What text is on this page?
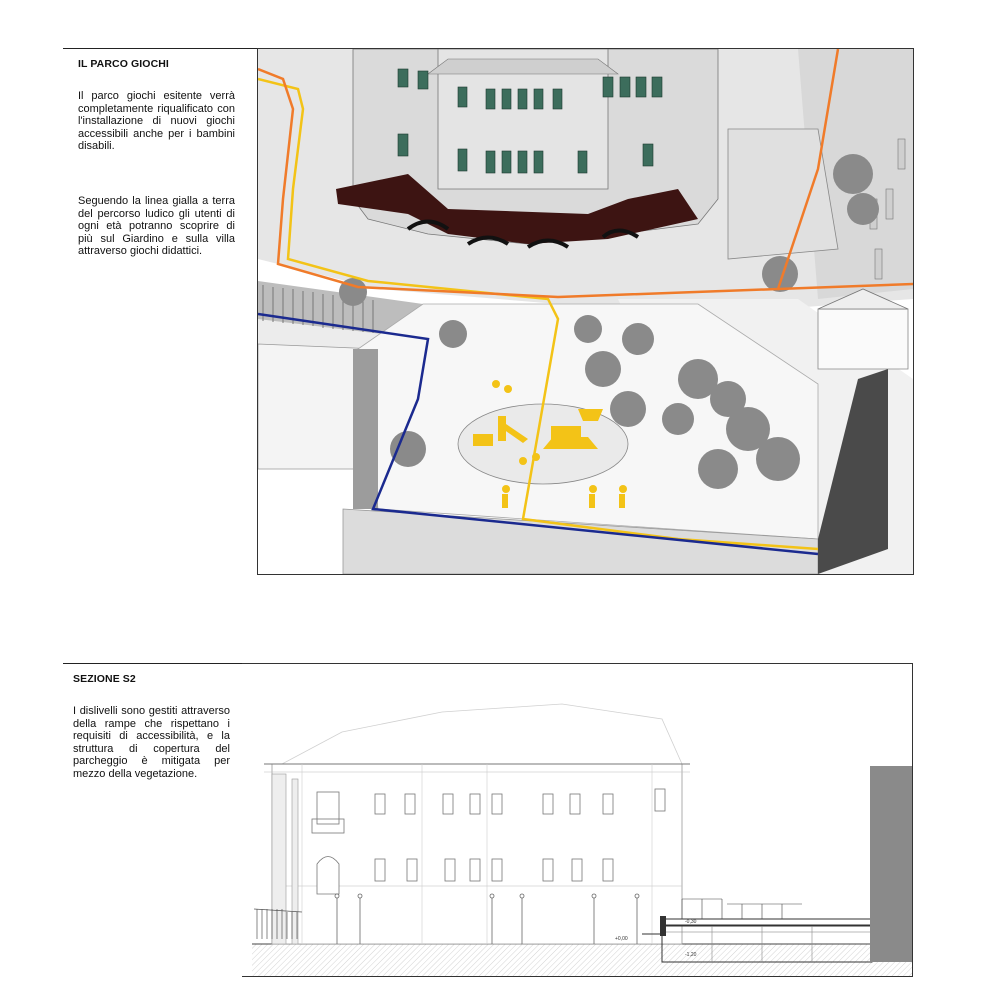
IL PARCO GIOCHI
Il parco giochi esitente verrà completamente riqualificato con l'installazione di nuovi giochi accessibili anche per i bambini disabili.
Seguendo la linea gialla a terra del percorso ludico gli utenti di ogni età potranno scoprire di più sul Giardino e sulla villa attraverso giochi didattici.
SEZIONE S2
I dislivelli sono gestiti attraverso della rampe che rispettano i requisiti di accessibilità, e la struttura di copertura del parcheggio è mitigata per mezzo della vegetazione.
+0,00
-1,20
-0,30
